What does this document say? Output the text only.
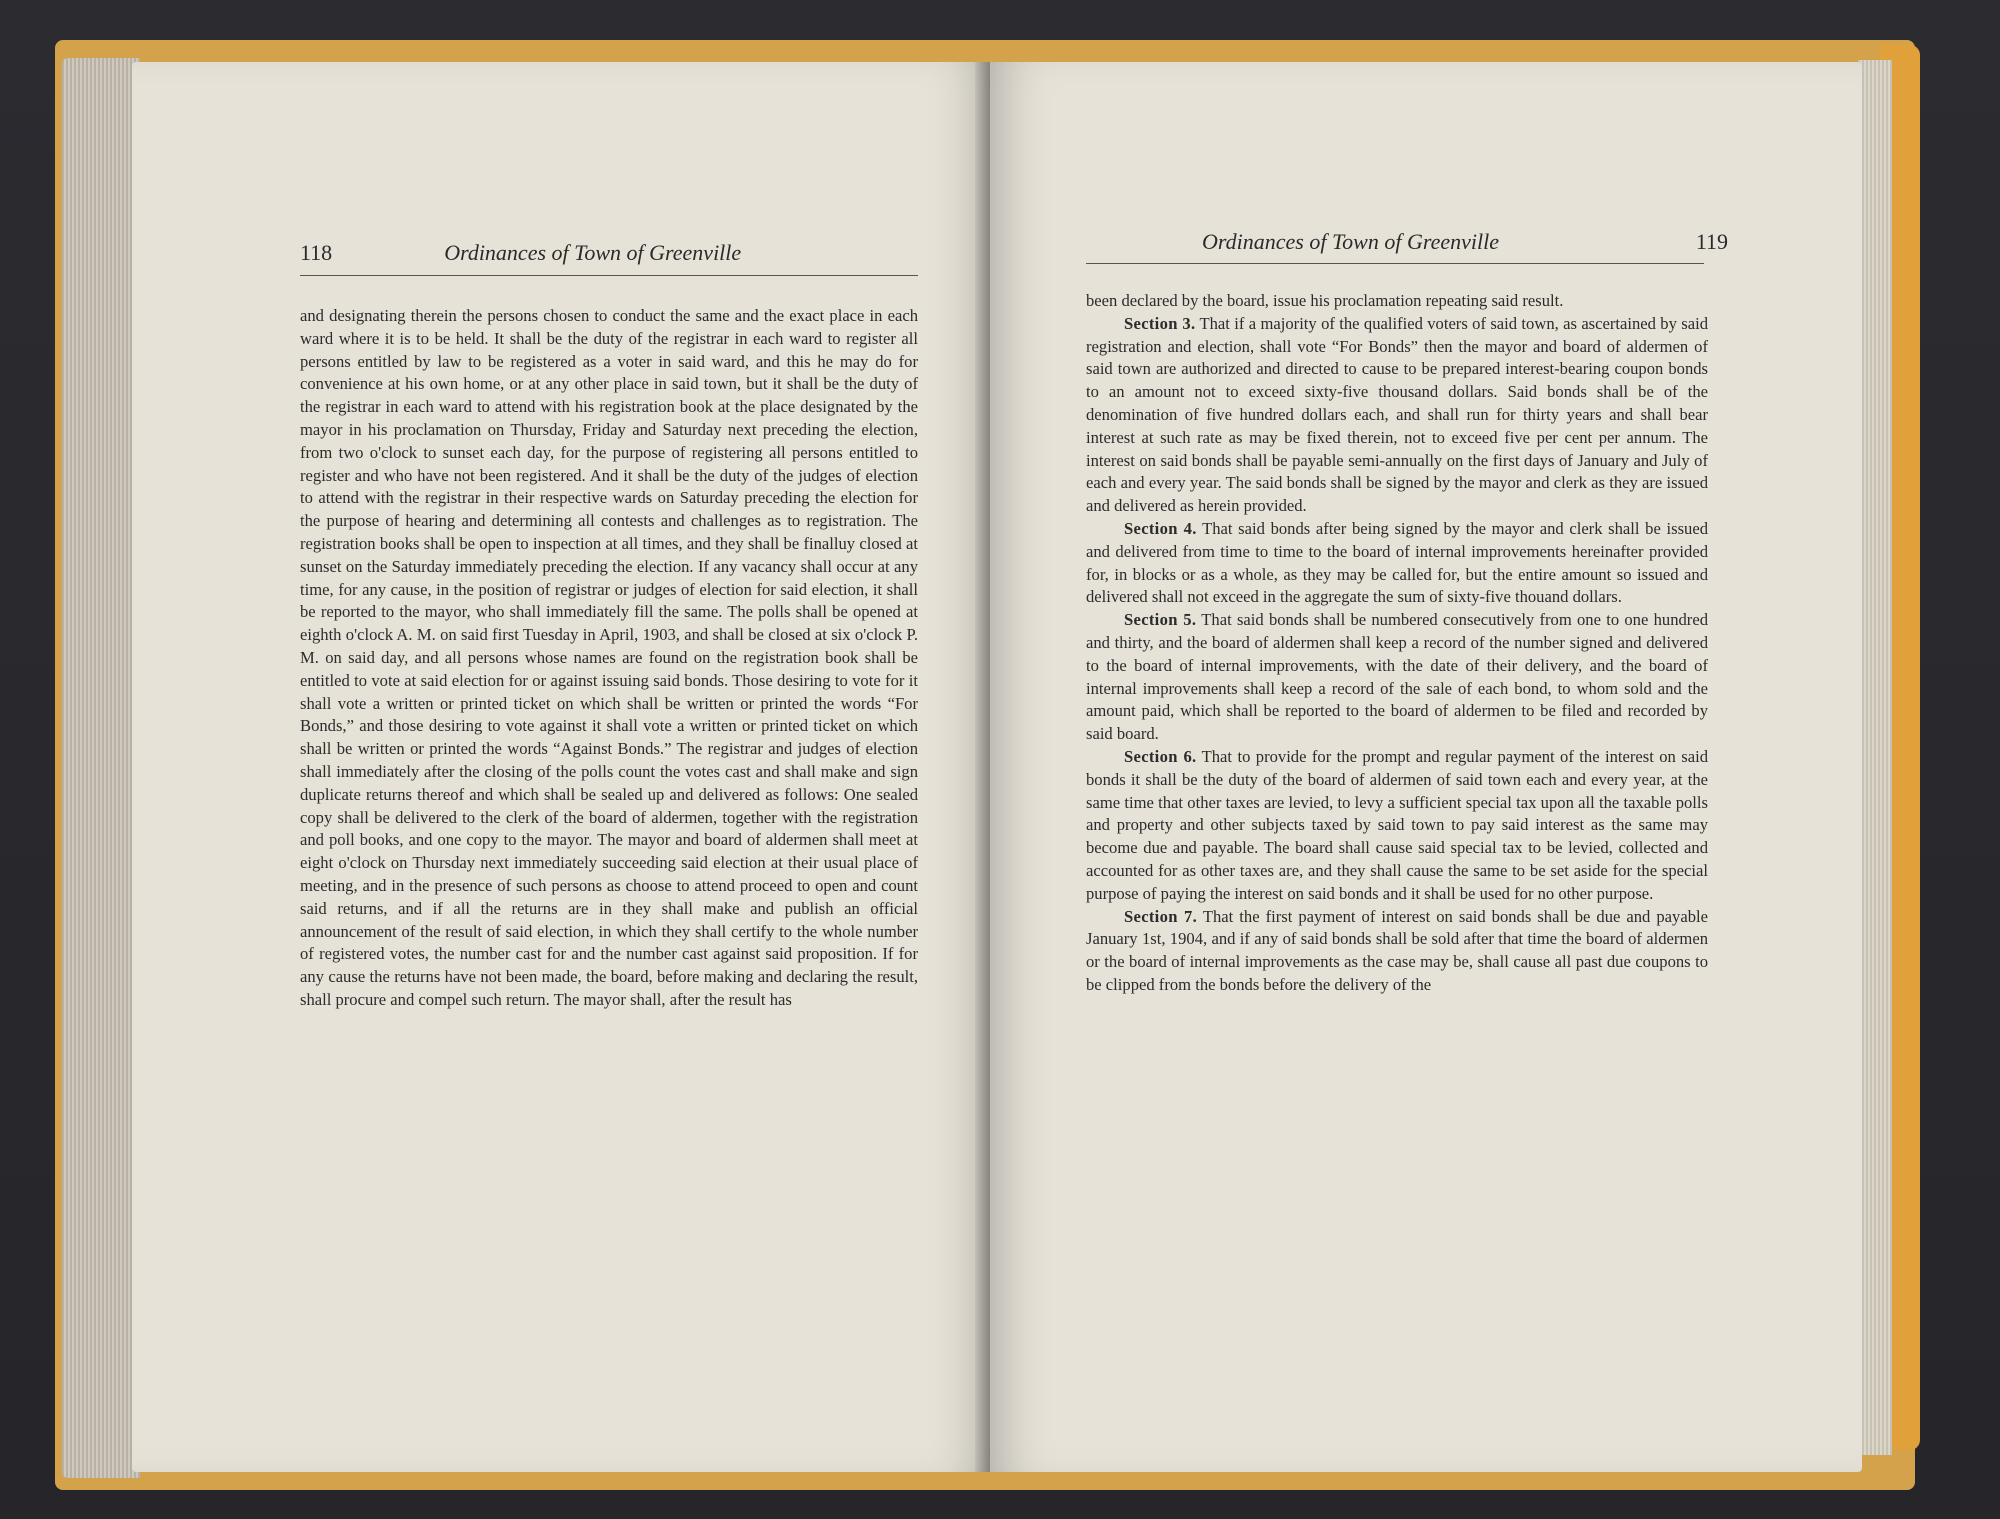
118	Ordinances of Town of Greenville

and designating therein the persons chosen to conduct the same and the exact place in each ward where it is to be held. It shall be the duty of the registrar in each ward to register all persons entitled by law to be registered as a voter in said ward, and this he may do for convenience at his own home, or at any other place in said town, but it shall be the duty of the registrar in each ward to attend with his registration book at the place designated by the mayor in his proclamation on Thursday, Friday and Saturday next preceding the election, from two o'clock to sunset each day, for the purpose of registering all persons entitled to register and who have not been registered. And it shall be the duty of the judges of election to attend with the registrar in their respective wards on Saturday preceding the election for the purpose of hearing and determining all contests and challenges as to registration. The registration books shall be open to inspection at all times, and they shall be finalluy closed at sunset on the Saturday immediately preceding the election. If any vacancy shall occur at any time, for any cause, in the position of registrar or judges of election for said election, it shall be reported to the mayor, who shall immediately fill the same. The polls shall be opened at eighth o'clock A. M. on said first Tuesday in April, 1903, and shall be closed at six o'clock P. M. on said day, and all persons whose names are found on the registration book shall be entitled to vote at said election for or against issuing said bonds. Those desiring to vote for it shall vote a written or printed ticket on which shall be written or printed the words “For Bonds,” and those desiring to vote against it shall vote a written or printed ticket on which shall be written or printed the words “Against Bonds.” The registrar and judges of election shall immediately after the closing of the polls count the votes cast and shall make and sign duplicate returns thereof and which shall be sealed up and delivered as follows: One sealed copy shall be delivered to the clerk of the board of aldermen, together with the registration and poll books, and one copy to the mayor. The mayor and board of aldermen shall meet at eight o'clock on Thursday next immediately succeeding said election at their usual place of meeting, and in the presence of such persons as choose to attend proceed to open and count said returns, and if all the returns are in they shall make and publish an official announcement of the result of said election, in which they shall certify to the whole number of registered votes, the number cast for and the number cast against said proposition. If for any cause the returns have not been made, the board, before making and declaring the result, shall procure and compel such return. The mayor shall, after the result has

Ordinances of Town of Greenville	119

been declared by the board, issue his proclamation repeating said result.

Section 3. That if a majority of the qualified voters of said town, as ascertained by said registration and election, shall vote “For Bonds” then the mayor and board of aldermen of said town are authorized and directed to cause to be prepared interest-bearing coupon bonds to an amount not to exceed sixty-five thousand dollars. Said bonds shall be of the denomination of five hundred dollars each, and shall run for thirty years and shall bear interest at such rate as may be fixed therein, not to exceed five per cent per annum. The interest on said bonds shall be payable semi-annually on the first days of January and July of each and every year. The said bonds shall be signed by the mayor and clerk as they are issued and delivered as herein provided.

Section 4. That said bonds after being signed by the mayor and clerk shall be issued and delivered from time to time to the board of internal improvements hereinafter provided for, in blocks or as a whole, as they may be called for, but the entire amount so issued and delivered shall not exceed in the aggregate the sum of sixty-five thouand dollars.

Section 5. That said bonds shall be numbered consecutively from one to one hundred and thirty, and the board of aldermen shall keep a record of the number signed and delivered to the board of internal improvements, with the date of their delivery, and the board of internal improvements shall keep a record of the sale of each bond, to whom sold and the amount paid, which shall be reported to the board of aldermen to be filed and recorded by said board.

Section 6. That to provide for the prompt and regular payment of the interest on said bonds it shall be the duty of the board of aldermen of said town each and every year, at the same time that other taxes are levied, to levy a sufficient special tax upon all the taxable polls and property and other subjects taxed by said town to pay said interest as the same may become due and payable. The board shall cause said special tax to be levied, collected and accounted for as other taxes are, and they shall cause the same to be set aside for the special purpose of paying the interest on said bonds and it shall be used for no other purpose.

Section 7. That the first payment of interest on said bonds shall be due and payable January 1st, 1904, and if any of said bonds shall be sold after that time the board of aldermen or the board of internal improvements as the case may be, shall cause all past due coupons to be clipped from the bonds before the delivery of the
